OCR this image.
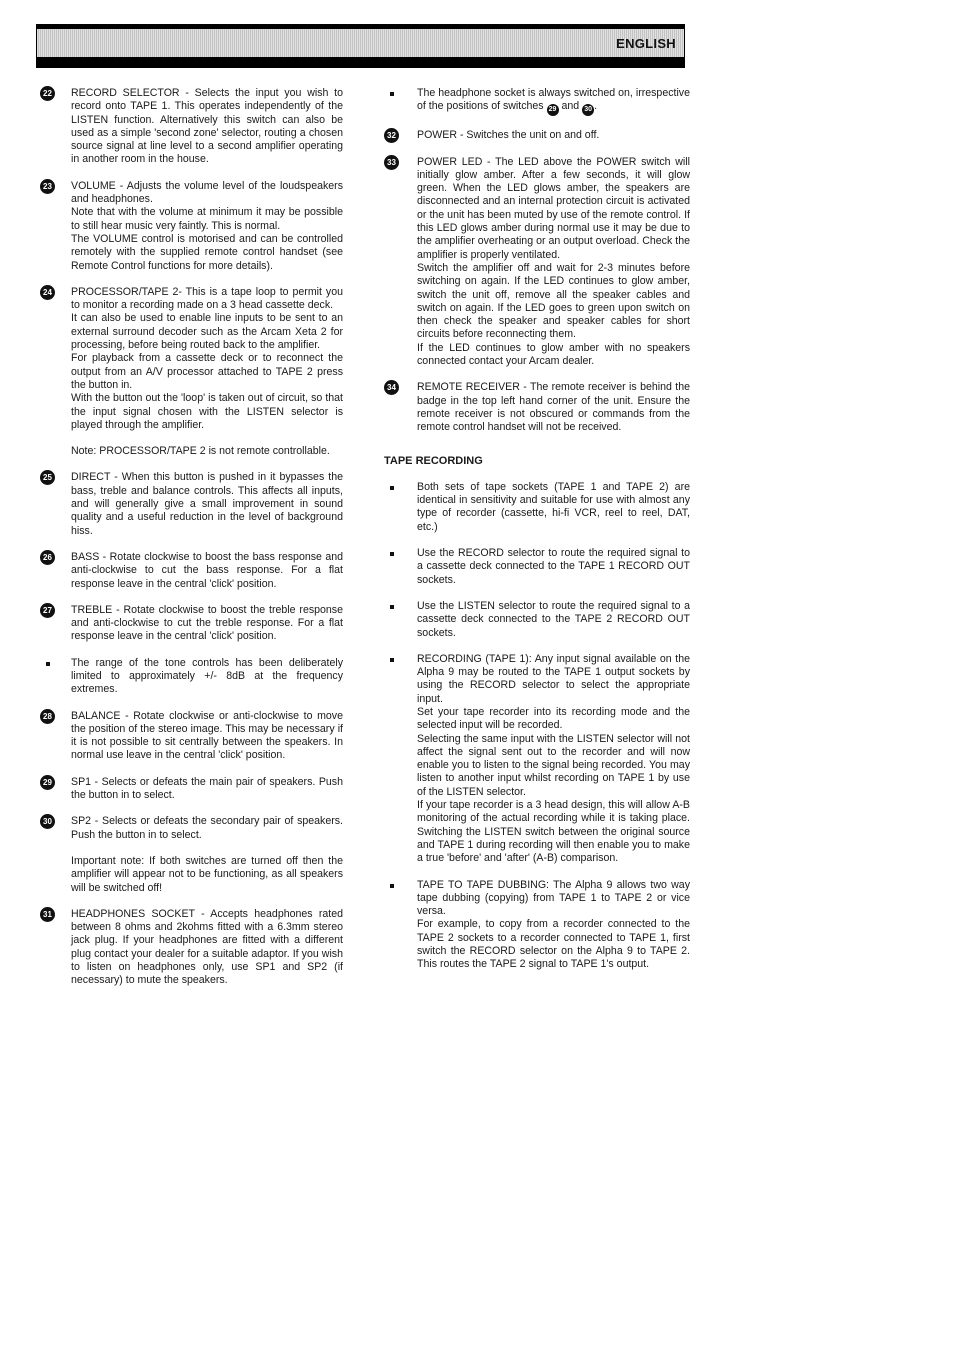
ENGLISH
22 RECORD SELECTOR - Selects the input you wish to record onto TAPE 1. This operates independently of the LISTEN function. Alternatively this switch can also be used as a simple 'second zone' selector, routing a chosen source signal at line level to a second amplifier operating in another room in the house.

23 VOLUME - Adjusts the volume level of the loudspeakers and headphones.

Note that with the volume at minimum it may be possible to still hear music very faintly. This is normal.

The VOLUME control is motorised and can be controlled remotely with the supplied remote control handset (see Remote Control functions for more details).

24 PROCESSOR/TAPE 2- This is a tape loop to permit you to monitor a recording made on a 3 head cassette deck.

It can also be used to enable line inputs to be sent to an external surround decoder such as the Arcam Xeta 2 for processing, before being routed back to the amplifier.

For playback from a cassette deck or to reconnect the output from an A/V processor attached to TAPE 2 press the button in.

With the button out the 'loop' is taken out of circuit, so that the input signal chosen with the LISTEN selector is played through the amplifier.

Note: PROCESSOR/TAPE 2 is not remote controllable.

25 DIRECT - When this button is pushed in it bypasses the bass, treble and balance controls. This affects all inputs, and will generally give a small improvement in sound quality and a useful reduction in the level of background hiss.

26 BASS - Rotate clockwise to boost the bass response and anti-clockwise to cut the bass response. For a flat response leave in the central 'click' position.

27 TREBLE - Rotate clockwise to boost the treble response and anti-clockwise to cut the treble response. For a flat response leave in the central 'click' position.

The range of the tone controls has been deliberately limited to approximately +/- 8dB at the frequency extremes.

28 BALANCE - Rotate clockwise or anti-clockwise to move the position of the stereo image. This may be necessary if it is not possible to sit centrally between the speakers. In normal use leave in the central 'click' position.

29 SP1 - Selects or defeats the main pair of speakers. Push the button in to select.

30 SP2 - Selects or defeats the secondary pair of speakers. Push the button in to select.

Important note: If both switches are turned off then the amplifier will appear not to be functioning, as all speakers will be switched off!

31 HEADPHONES SOCKET - Accepts headphones rated between 8 ohms and 2kohms fitted with a 6.3mm stereo jack plug. If your headphones are fitted with a different plug contact your dealer for a suitable adaptor. If you wish to listen on headphones only, use SP1 and SP2 (if necessary) to mute the speakers.

The headphone socket is always switched on, irrespective of the positions of switches 29 and 30 .

32 POWER - Switches the unit on and off.

33 POWER LED - The LED above the POWER switch will initially glow amber. After a few seconds, it will glow green. When the LED glows amber, the speakers are disconnected and an internal protection circuit is activated or the unit has been muted by use of the remote control. If this LED glows amber during normal use it may be due to the amplifier overheating or an output overload. Check the amplifier is properly ventilated.

Switch the amplifier off and wait for 2-3 minutes before switching on again. If the LED continues to glow amber, switch the unit off, remove all the speaker cables and switch on again. If the LED goes to green upon switch on then check the speaker and speaker cables for short circuits before reconnecting them.

If the LED continues to glow amber with no speakers connected contact your Arcam dealer.

34 REMOTE RECEIVER - The remote receiver is behind the badge in the top left hand corner of the unit. Ensure the remote receiver is not obscured or commands from the remote control handset will not be received.

TAPE RECORDING

Both sets of tape sockets (TAPE 1 and TAPE 2) are identical in sensitivity and suitable for use with almost any type of recorder (cassette, hi-fi VCR, reel to reel, DAT, etc.)

Use the RECORD selector to route the required signal to a cassette deck connected to the TAPE 1 RECORD OUT sockets.

Use the LISTEN selector to route the required signal to a cassette deck connected to the TAPE 2 RECORD OUT sockets.

RECORDING (TAPE 1): Any input signal available on the Alpha 9 may be routed to the TAPE 1 output sockets by using the RECORD selector to select the appropriate input.

Set your tape recorder into its recording mode and the selected input will be recorded.

Selecting the same input with the LISTEN selector will not affect the signal sent out to the recorder and will now enable you to listen to the signal being recorded. You may listen to another input whilst recording on TAPE 1 by use of the LISTEN selector.

If your tape recorder is a 3 head design, this will allow A-B monitoring of the actual recording while it is taking place. Switching the LISTEN switch between the original source and TAPE 1 during recording will then enable you to make a true 'before' and 'after' (A-B) comparison.

TAPE TO TAPE DUBBING: The Alpha 9 allows two way tape dubbing (copying) from TAPE 1 to TAPE 2 or vice versa.

For example, to copy from a recorder connected to the TAPE 2 sockets to a recorder connected to TAPE 1, first switch the RECORD selector on the Alpha 9 to TAPE 2. This routes the TAPE 2 signal to TAPE 1's output.
